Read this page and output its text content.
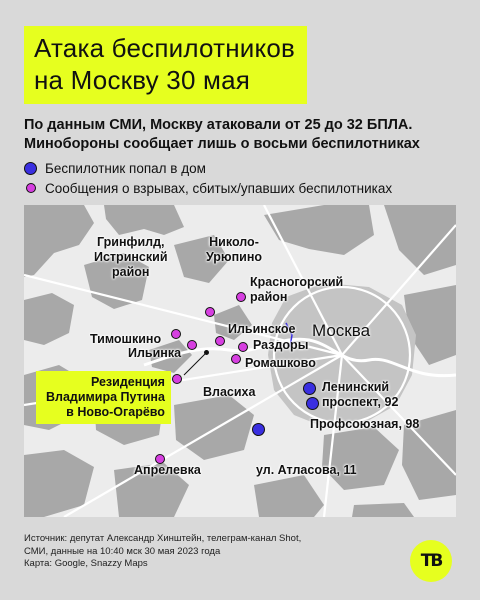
Атака беспилотников
на Москву 30 мая
По данным СМИ, Москву атаковали от 25 до 32 БПЛА.
Минобороны сообщает лишь о восьми беспилотниках
Беспилотник попал в дом
Сообщения о взрывах, сбитых/упавших беспилотниках
Москва
Гринфилд,
Истринский
район
Николо-
Урюпино
Красногорский
район
Тимошкино
Ильинка
Ильинское
Раздоры
Ромашково
Власиха	Ленинский
проспект, 92
Профсоюзная, 98
Апрелевка	ул. Атласова, 11
Резиденция
Владимира Путина
в Ново-Огарёво
Источник: депутат Александр Хинштейн, телеграм-канал Shot,
СМИ, данные на 10:40 мск 30 мая 2023 года
Карта: Google, Snazzy Maps	ТВ
